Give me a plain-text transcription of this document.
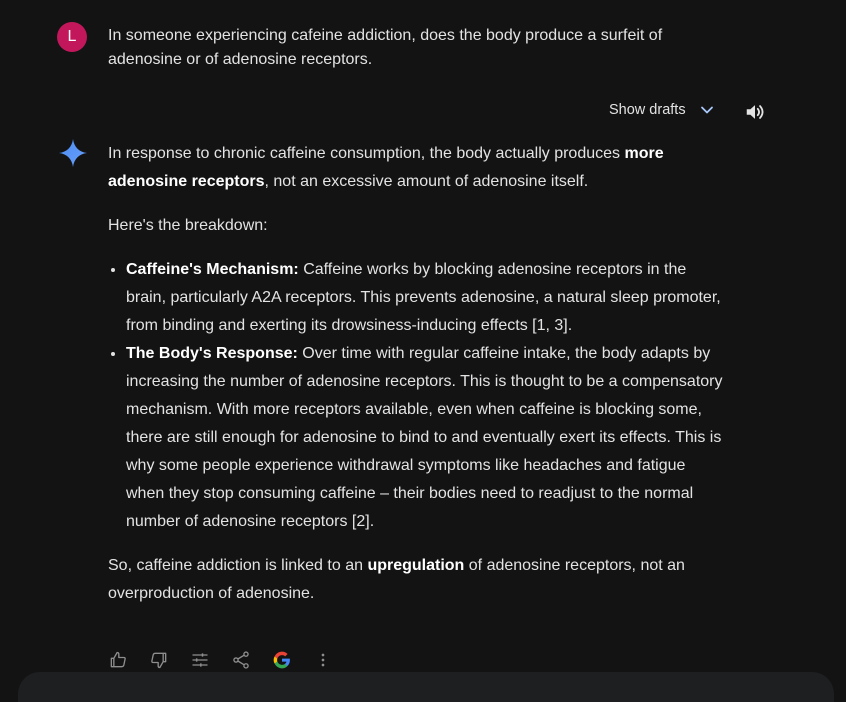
L	In someone experiencing cafeine addiction, does the body produce a surfeit of adenosine or of adenosine receptors.
Show drafts

In response to chronic caffeine consumption, the body actually produces more adenosine receptors, not an excessive amount of adenosine itself.

Here's the breakdown:

• Caffeine's Mechanism: Caffeine works by blocking adenosine receptors in the brain, particularly A2A receptors. This prevents adenosine, a natural sleep promoter, from binding and exerting its drowsiness-inducing effects [1, 3].
• The Body's Response: Over time with regular caffeine intake, the body adapts by increasing the number of adenosine receptors. This is thought to be a compensatory mechanism. With more receptors available, even when caffeine is blocking some, there are still enough for adenosine to bind to and eventually exert its effects. This is why some people experience withdrawal symptoms like headaches and fatigue when they stop consuming caffeine – their bodies need to readjust to the normal number of adenosine receptors [2].

So, caffeine addiction is linked to an upregulation of adenosine receptors, not an overproduction of adenosine.
